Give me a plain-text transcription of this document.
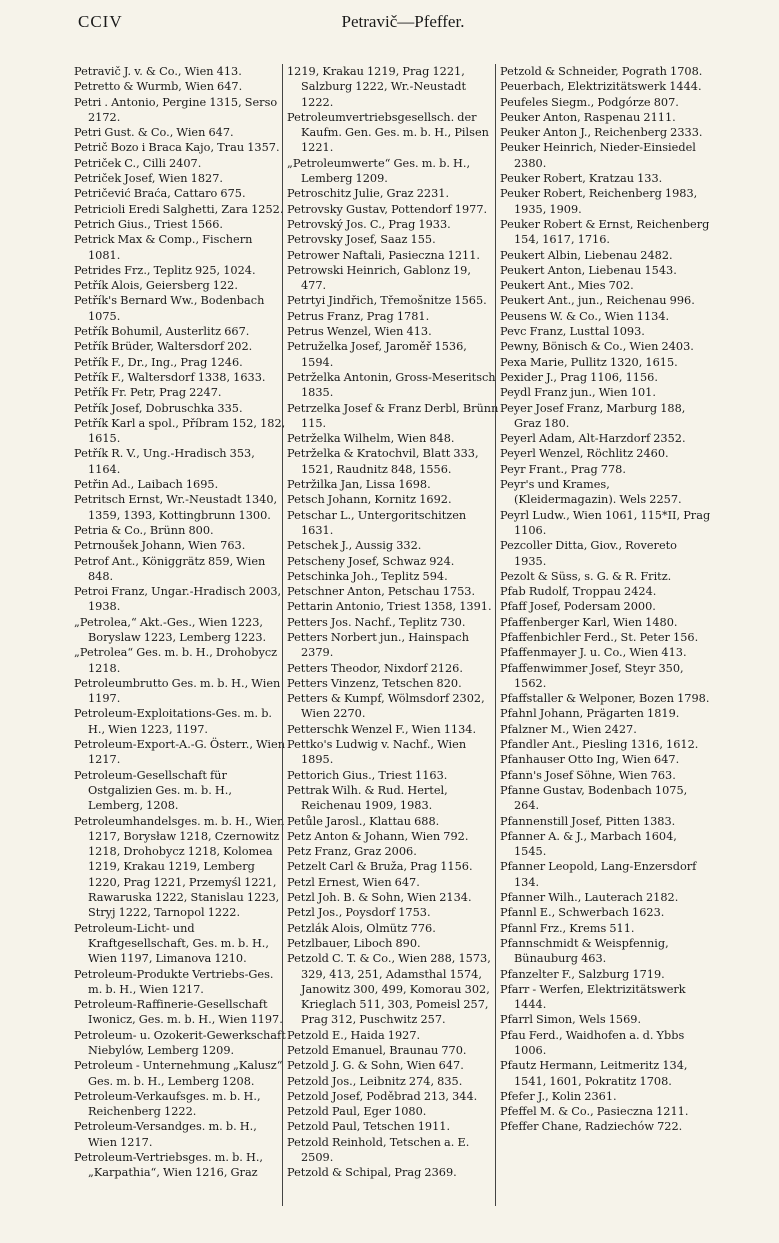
CCIV	Petravič—Pfeffer.
Petravič J. v. & Co., Wien 413.
Petretto & Wurmb, Wien 647.
Petri . Antonio, Pergine 1315, Serso 2172.
Petri Gust. & Co., Wien 647.
Petrič Bozo i Braca Kajo, Trau 1357.
Petriček C., Cilli 2407.
Petriček Josef, Wien 1827.
Petričević Braća, Cattaro 675.
Petricioli Eredi Salghetti, Zara 1252.
Petrich Gius., Triest 1566.
Petrick Max & Comp., Fischern 1081.
Petrides Frz., Teplitz 925, 1024.
Petřík Alois, Geiersberg 122.
Petřík's Bernard Ww., Bodenbach 1075.
Petřík Bohumil, Austerlitz 667.
Petřík Brüder, Waltersdorf 202.
Petřík F., Dr., Ing., Prag 1246.
Petřík F., Waltersdorf 1338, 1633.
Petřík Fr. Petr, Prag 2247.
Petřík Josef, Dobruschka 335.
Petřík Karl a spol., Příbram 152, 182, 1615.
Petřík R. V., Ung.-Hradisch 353, 1164.
Petřin Ad., Laibach 1695.
Petritsch Ernst, Wr.-Neustadt 1340, 1359, 1393, Kottingbrunn 1300.
Petria & Co., Brünn 800.
Petrnoušek Johann, Wien 763.
Petrof Ant., Königgrätz 859, Wien 848.
Petroi Franz, Ungar.-Hradisch 2003, 1938.
„Petrolea,“ Akt.-Ges., Wien 1223, Boryslaw 1223, Lemberg 1223.
„Petrolea“ Ges. m. b. H., Drohobycz 1218.
Petroleumbrutto Ges. m. b. H., Wien 1197.
Petroleum-Exploitations-Ges. m. b. H., Wien 1223, 1197.
Petroleum-Export-A.-G. Österr., Wien 1217.
Petroleum-Gesellschaft für Ostgalizien Ges. m. b. H., Lemberg, 1208.
Petroleumhandelsges. m. b. H., Wien 1217, Borysław 1218, Czernowitz 1218, Drohobycz 1218, Kolomea 1219, Krakau 1219, Lemberg 1220, Prag 1221, Przemyśl 1221, Rawaruska 1222, Stanislau 1223, Stryj 1222, Tarnopol 1222.
Petroleum-Licht- und Kraftgesellschaft, Ges. m. b. H., Wien 1197, Limanova 1210.
Petroleum-Produkte Vertriebs-Ges. m. b. H., Wien 1217.
Petroleum-Raffinerie-Gesellschaft Iwonicz, Ges. m. b. H., Wien 1197.
Petroleum- u. Ozokerit-Gewerkschaft Niebylów, Lemberg 1209.
Petroleum - Unternehmung „Kalusz“ Ges. m. b. H., Lemberg 1208.
Petroleum-Verkaufsges. m. b. H., Reichenberg 1222.
Petroleum-Versandges. m. b. H., Wien 1217.
Petroleum-Vertriebsges. m. b. H., „Karpathia“, Wien 1216, Graz
1219, Krakau 1219, Prag 1221, Salzburg 1222, Wr.-Neustadt 1222.
Petroleumvertriebsgesellsch. der Kaufm. Gen. Ges. m. b. H., Pilsen 1221.
„Petroleumwerte“ Ges. m. b. H., Lemberg 1209.
Petroschitz Julie, Graz 2231.
Petrovsky Gustav, Pottendorf 1977.
Petrovský Jos. C., Prag 1933.
Petrovsky Josef, Saaz 155.
Petrower Naftali, Pasieczna 1211.
Petrowski Heinrich, Gablonz 19, 477.
Petrtyi Jindřich, Třemošnitze 1565.
Petrus Franz, Prag 1781.
Petrus Wenzel, Wien 413.
Petruželka Josef, Jaroměř 1536, 1594.
Petrželka Antonin, Gross-Meseritsch 1835.
Petrzelka Josef & Franz Derbl, Brünn 115.
Petrželka Wilhelm, Wien 848.
Petrželka & Kratochvil, Blatt 333, 1521, Raudnitz 848, 1556.
Petržilka Jan, Lissa 1698.
Petsch Johann, Kornitz 1692.
Petschar L., Untergoritschitzen 1631.
Petschek J., Aussig 332.
Petscheny Josef, Schwaz 924.
Petschinka Joh., Teplitz 594.
Petschner Anton, Petschau 1753.
Pettarin Antonio, Triest 1358, 1391.
Petters Jos. Nachf., Teplitz 730.
Petters Norbert jun., Hainspach 2379.
Petters Theodor, Nixdorf 2126.
Petters Vinzenz, Tetschen 820.
Petters & Kumpf, Wölmsdorf 2302, Wien 2270.
Petterschk Wenzel F., Wien 1134.
Pettko's Ludwig v. Nachf., Wien 1895.
Pettorich Gius., Triest 1163.
Pettrak Wilh. & Rud. Hertel, Reichenau 1909, 1983.
Petůle Jarosl., Klattau 688.
Petz Anton & Johann, Wien 792.
Petz Franz, Graz 2006.
Petzelt Carl & Bruža, Prag 1156.
Petzl Ernest, Wien 647.
Petzl Joh. B. & Sohn, Wien 2134.
Petzl Jos., Poysdorf 1753.
Petzlák Alois, Olmütz 776.
Petzlbauer, Liboch 890.
Petzold C. T. & Co., Wien 288, 1573, 329, 413, 251, Adamsthal 1574, Janowitz 300, 499, Komorau 302, Krieglach 511, 303, Pomeisl 257, Prag 312, Puschwitz 257.
Petzold E., Haida 1927.
Petzold Emanuel, Braunau 770.
Petzold J. G. & Sohn, Wien 647.
Petzold Jos., Leibnitz 274, 835.
Petzold Josef, Poděbrad 213, 344.
Petzold Paul, Eger 1080.
Petzold Paul, Tetschen 1911.
Petzold Reinhold, Tetschen a. E. 2509.
Petzold & Schipal, Prag 2369.
Petzold & Schneider, Pograth 1708.
Peuerbach, Elektrizitätswerk 1444.
Peufeles Siegm., Podgórze 807.
Peuker Anton, Raspenau 2111.
Peuker Anton J., Reichenberg 2333.
Peuker Heinrich, Nieder-Einsiedel 2380.
Peuker Robert, Kratzau 133.
Peuker Robert, Reichenberg 1983, 1935, 1909.
Peuker Robert & Ernst, Reichenberg 154, 1617, 1716.
Peukert Albin, Liebenau 2482.
Peukert Anton, Liebenau 1543.
Peukert Ant., Mies 702.
Peukert Ant., jun., Reichenau 996.
Peusens W. & Co., Wien 1134.
Pevc Franz, Lusttal 1093.
Pewny, Bönisch & Co., Wien 2403.
Pexa Marie, Pullitz 1320, 1615.
Pexider J., Prag 1106, 1156.
Peydl Franz jun., Wien 101.
Peyer Josef Franz, Marburg 188, Graz 180.
Peyerl Adam, Alt-Harzdorf 2352.
Peyerl Wenzel, Röchlitz 2460.
Peyr Frant., Prag 778.
Peyr's und Krames, (Kleidermagazin). Wels 2257.
Peyrl Ludw., Wien 1061, 115*II, Prag 1106.
Pezcoller Ditta, Giov., Rovereto 1935.
Pezolt & Süss, s. G. & R. Fritz.
Pfab Rudolf, Troppau 2424.
Pfaff Josef, Podersam 2000.
Pfaffenberger Karl, Wien 1480.
Pfaffenbichler Ferd., St. Peter 156.
Pfaffenmayer J. u. Co., Wien 413.
Pfaffenwimmer Josef, Steyr 350, 1562.
Pfaffstaller & Welponer, Bozen 1798.
Pfahnl Johann, Prägarten 1819.
Pfalzner M., Wien 2427.
Pfandler Ant., Piesling 1316, 1612.
Pfanhauser Otto Ing, Wien 647.
Pfann's Josef Söhne, Wien 763.
Pfanne Gustav, Bodenbach 1075, 264.
Pfannenstill Josef, Pitten 1383.
Pfanner A. & J., Marbach 1604, 1545.
Pfanner Leopold, Lang-Enzersdorf 134.
Pfanner Wilh., Lauterach 2182.
Pfannl E., Schwerbach 1623.
Pfannl Frz., Krems 511.
Pfannschmidt & Weispfennig, Bünauburg 463.
Pfanzelter F., Salzburg 1719.
Pfarr - Werfen, Elektrizitätswerk 1444.
Pfarrl Simon, Wels 1569.
Pfau Ferd., Waidhofen a. d. Ybbs 1006.
Pfautz Hermann, Leitmeritz 134, 1541, 1601, Pokratitz 1708.
Pfefer J., Kolin 2361.
Pfeffel M. & Co., Pasieczna 1211.
Pfeffer Chane, Radziechów 722.
